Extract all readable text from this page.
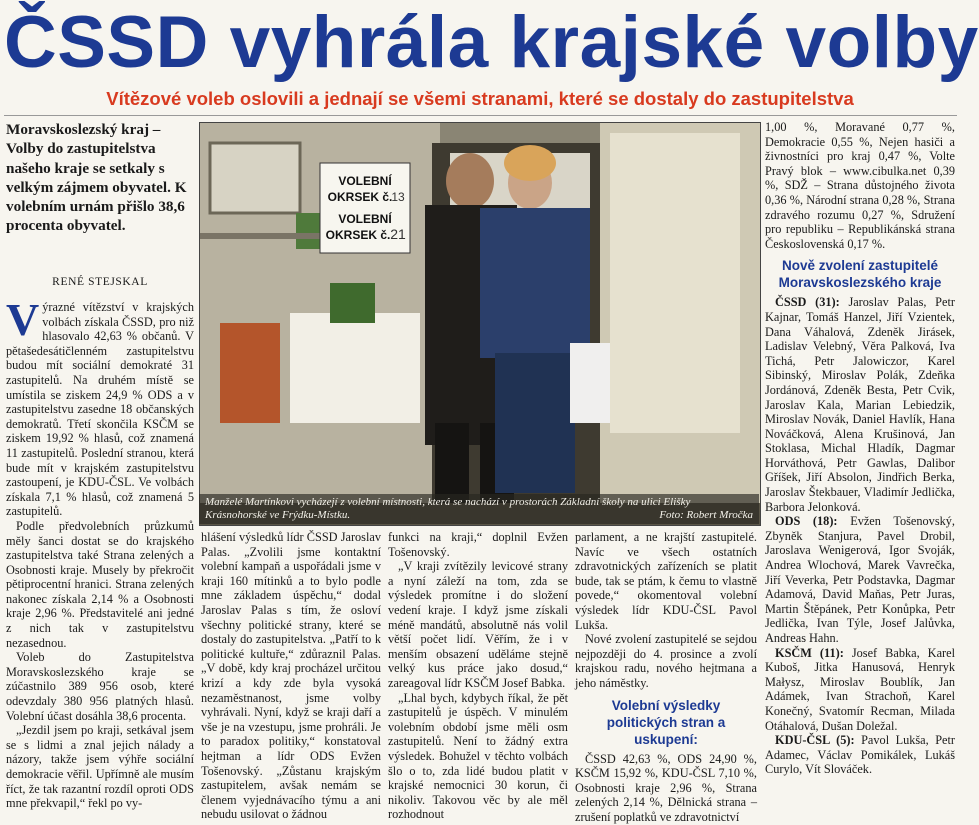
ČSSD vyhrála krajské volby
Vítězové voleb oslovili a jednají se všemi stranami, které se dostaly do zastupitelstva
Moravskoslezský kraj – Volby do zastupitelstva našeho kraje se setkaly s velkým zájmem obyvatel. K volebním urnám přišlo 38,6 procenta obyvatel.
RENÉ STEJSKAL

Výrazné vítězství v krajských volbách získala ČSSD, pro niž hlasovalo 42,63 % občanů. V pětašedesátičlenném zastupitelstvu budou mít sociální demokraté 31 zastupitelů. Na druhém místě se umístila se ziskem 24,9 % ODS a v zastupitelstvu zasedne 18 občanských demokratů. Třetí skončila KSČM se ziskem 19,92 % hlasů, což znamená 11 zastupitelů. Poslední stranou, která bude mít v krajském zastupitelstvu zastoupení, je KDU-ČSL. Ve volbách získala 7,1 % hlasů, což znamená 5 zastupitelů.

Podle předvolebních průzkumů měly šanci dostat se do krajského zastupitelstva také Strana zelených a Osobnosti kraje. Musely by překročit pětiprocentní hranici. Strana zelených nakonec získala 2,14 % a Osobnosti kraje 2,96 %. Představitelé ani jedné z nich tak v zastupitelstvu nezasednou.

Voleb do Zastupitelstva Moravskoslezského kraje se zúčastnilo 389 956 osob, které odevzdaly 380 956 platných hlasů. Volební účast dosáhla 38,6 procenta.

„Jezdil jsem po kraji, setkával jsem se s lidmi a znal jejich nálady a názory, takže jsem výhře sociální demokracie věřil. Upřímně ale musím říct, že tak razantní rozdíl oproti ODS mne překvapil,“ řekl po vy-

VOLEBNÍ
OKRSEK č.
13
VOLEBNÍ
OKRSEK č. 21
Manželé Martínkovi vycházejí z volební místnosti, která se nachází v prostorách Základní školy na ulici Elišky Krásnohorské ve Frýdku-Místku.	Foto: Robert Mročka

hlášení výsledků lídr ČSSD Jaroslav Palas. „Zvolili jsme kontaktní volební kampaň a uspořádali jsme v kraji 160 mítinků a to bylo podle mne základem úspěchu,“ dodal Jaroslav Palas s tím, že osloví všechny politické strany, které se dostaly do zastupitelstva. „Patří to k politické kultuře,“ zdůraznil Palas. „V době, kdy kraj procházel určitou krizí a kdy zde byla vysoká nezaměstnanost, jsme volby vyhrávali. Nyní, když se kraji daří a vše je na vzestupu, jsme prohráli. Je to paradox politiky,“ konstatoval hejtman a lídr ODS Evžen Tošenovský. „Zůstanu krajským zastupitelem, avšak nemám se členem vyjednávacího týmu a ani nebudu usilovat o žádnou

funkci na kraji,“ doplnil Evžen Tošenovský.

„V kraji zvítězily levicové strany a nyní záleží na tom, zda se výsledek promítne i do složení vedení kraje. I když jsme získali méně mandátů, absolutně nás volil větší počet lidí. Věřím, že i v menším obsazení uděláme stejně velký kus práce jako dosud,“ zareagoval lídr KSČM Josef Babka.

„Lhal bych, kdybych říkal, že pět zastupitelů je úspěch. V minulém volebním období jsme měli osm zastupitelů. Není to žádný extra výsledek. Bohužel v těchto volbách šlo o to, zda lidé budou platit v krajské nemocnici 30 korun, či nikoliv. Takovou věc by ale měl rozhodnout

parlament, a ne krajští zastupitelé. Navíc ve všech ostatních zdravotnických zařízeních se platit bude, tak se ptám, k čemu to vlastně povede,“ okomentoval volební výsledek lídr KDU-ČSL Pavol Lukša.

Nové zvolení zastupitelé se sejdou nejpozději do 4. prosince a zvolí krajskou radu, nového hejtmana a jeho náměstky.

Volební výsledky politických stran a uskupení:

ČSSD 42,63 %, ODS 24,90 %, KSČM 15,92 %, KDU-ČSL 7,10 %, Osobnosti kraje 2,96 %, Strana zelených 2,14 %, Dělnická strana – zrušení poplatků ve zdravotnictví

1,00 %, Moravané 0,77 %, Demokracie 0,55 %, Nejen hasiči a živnostníci pro kraj 0,47 %, Volte Pravý blok – www.cibulka.net 0,39 %, SDŽ – Strana důstojného života 0,36 %, Národní strana 0,28 %, Strana zdravého rozumu 0,27 %, Sdružení pro republiku – Republikánská strana Československá 0,17 %.

Nově zvolení zastupitelé Moravskoslezského kraje

ČSSD (31): Jaroslav Palas, Petr Kajnar, Tomáš Hanzel, Jiří Vzientek, Dana Váhalová, Zdeněk Jirásek, Ladislav Velebný, Věra Palková, Iva Tichá, Petr Jalowiczor, Karel Sibinský, Miroslav Polák, Zdeňka Jordánová, Zdeněk Besta, Petr Cvik, Jaroslav Kala, Marian Lebiedzik, Miroslav Novák, Daniel Havlík, Hana Nováčková, Alena Krušinová, Jan Stoklasa, Michal Hladík, Dagmar Horváthová, Petr Gawlas, Dalibor Gříšek, Jiří Absolon, Jindřich Berka, Jaroslav Štekbauer, Vladimír Jedlička, Barbora Jelonková.

ODS (18): Evžen Tošenovský, Zbyněk Stanjura, Pavel Drobil, Jaroslava Wenigerová, Igor Svoják, Andrea Wlochová, Marek Vavrečka, Jiří Veverka, Petr Podstavka, Dagmar Adamová, David Maňas, Petr Juras, Martin Štěpánek, Petr Konůpka, Petr Jedlička, Ivan Týle, Josef Jalůvka, Andreas Hahn.

KSČM (11): Josef Babka, Karel Kuboš, Jitka Hanusová, Henryk Małysz, Miroslav Boublík, Jan Adámek, Ivan Strachoň, Karel Konečný, Svatomír Recman, Milada Otáhalová, Dušan Doležal.

KDU-ČSL (5): Pavol Lukša, Petr Adamec, Václav Pomikálek, Lukáš Curylo, Vít Slováček.
